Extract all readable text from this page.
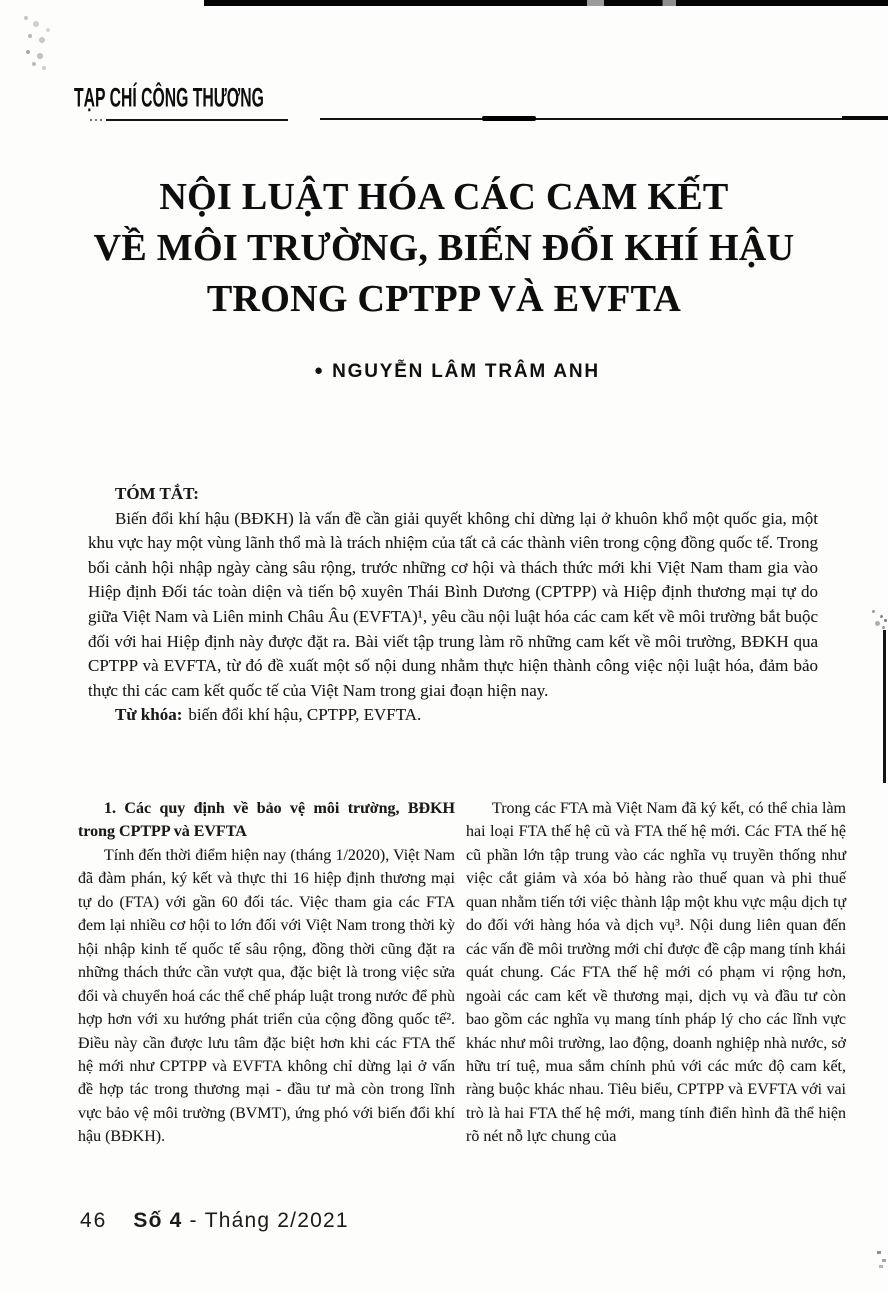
TẠP CHÍ CÔNG THƯƠNG
NỘI LUẬT HÓA CÁC CAM KẾT
VỀ MÔI TRƯỜNG, BIẾN ĐỔI KHÍ HẬU
TRONG CPTPP VÀ EVFTA
● NGUYỄN LÂM TRÂM ANH
TÓM TẮT:

Biến đổi khí hậu (BĐKH) là vấn đề cần giải quyết không chỉ dừng lại ở khuôn khổ một quốc gia, một khu vực hay một vùng lãnh thổ mà là trách nhiệm của tất cả các thành viên trong cộng đồng quốc tế. Trong bối cảnh hội nhập ngày càng sâu rộng, trước những cơ hội và thách thức mới khi Việt Nam tham gia vào Hiệp định Đối tác toàn diện và tiến bộ xuyên Thái Bình Dương (CPTPP) và Hiệp định thương mại tự do giữa Việt Nam và Liên minh Châu Âu (EVFTA)¹, yêu cầu nội luật hóa các cam kết về môi trường bắt buộc đối với hai Hiệp định này được đặt ra. Bài viết tập trung làm rõ những cam kết về môi trường, BĐKH qua CPTPP và EVFTA, từ đó đề xuất một số nội dung nhằm thực hiện thành công việc nội luật hóa, đảm bảo thực thi các cam kết quốc tế của Việt Nam trong giai đoạn hiện nay.

Từ khóa: biến đổi khí hậu, CPTPP, EVFTA.

1. Các quy định về bảo vệ môi trường, BĐKH trong CPTPP và EVFTA

Tính đến thời điểm hiện nay (tháng 1/2020), Việt Nam đã đàm phán, ký kết và thực thi 16 hiệp định thương mại tự do (FTA) với gần 60 đối tác. Việc tham gia các FTA đem lại nhiều cơ hội to lớn đối với Việt Nam trong thời kỳ hội nhập kinh tế quốc tế sâu rộng, đồng thời cũng đặt ra những thách thức cần vượt qua, đặc biệt là trong việc sửa đổi và chuyển hoá các thể chế pháp luật trong nước để phù hợp hơn với xu hướng phát triển của cộng đồng quốc tế². Điều này cần được lưu tâm đặc biệt hơn khi các FTA thế hệ mới như CPTPP và EVFTA không chỉ dừng lại ở vấn đề hợp tác trong thương mại - đầu tư mà còn trong lĩnh vực bảo vệ môi trường (BVMT), ứng phó với biến đổi khí hậu (BĐKH).

Trong các FTA mà Việt Nam đã ký kết, có thể chia làm hai loại FTA thế hệ cũ và FTA thế hệ mới. Các FTA thế hệ cũ phần lớn tập trung vào các nghĩa vụ truyền thống như việc cắt giảm và xóa bỏ hàng rào thuế quan và phi thuế quan nhằm tiến tới việc thành lập một khu vực mậu dịch tự do đối với hàng hóa và dịch vụ³. Nội dung liên quan đến các vấn đề môi trường mới chỉ được đề cập mang tính khái quát chung. Các FTA thế hệ mới có phạm vi rộng hơn, ngoài các cam kết về thương mại, dịch vụ và đầu tư còn bao gồm các nghĩa vụ mang tính pháp lý cho các lĩnh vực khác như môi trường, lao động, doanh nghiệp nhà nước, sở hữu trí tuệ, mua sắm chính phủ với các mức độ cam kết, ràng buộc khác nhau. Tiêu biểu, CPTPP và EVFTA với vai trò là hai FTA thế hệ mới, mang tính điển hình đã thể hiện rõ nét nỗ lực chung của

46 Số 4 - Tháng 2/2021
